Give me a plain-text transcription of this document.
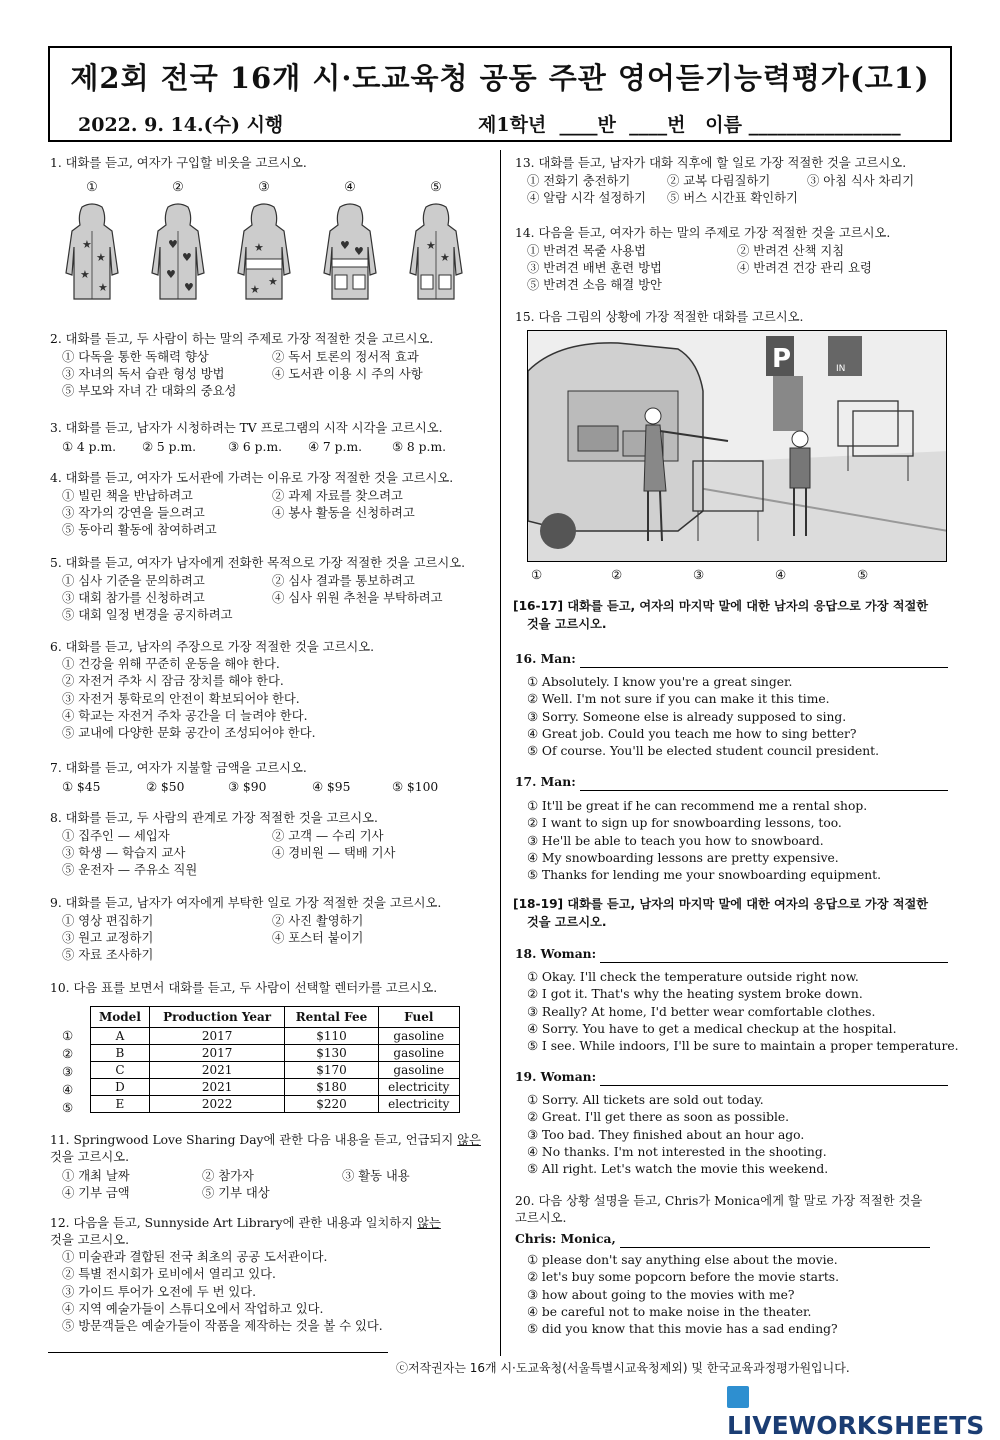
제2회 전국 16개 시·도교육청 공동 주관 영어듣기능력평가(고1)
2022. 9. 14.(수) 시행	제1학년  ____반  ____번   이름 ________________
1. 대화를 듣고, 여자가 구입할 비옷을 고르시오.
①	②	③	④	⑤
★
★
★
★
♥
♥
♥
♥
★
★
★
♥ ♥	★
★
2. 대화를 듣고, 두 사람이 하는 말의 주제로 가장 적절한 것을 고르시오.
① 다독을 통한 독해력 향상	② 독서 토론의 정서적 효과
③ 자녀의 독서 습관 형성 방법	④ 도서관 이용 시 주의 사항
⑤ 부모와 자녀 간 대화의 중요성
3. 대화를 듣고, 남자가 시청하려는 TV 프로그램의 시작 시각을 고르시오.
① 4 p.m. ② 5 p.m.	③ 6 p.m. ④ 7 p.m. ⑤ 8 p.m.
4. 대화를 듣고, 여자가 도서관에 가려는 이유로 가장 적절한 것을 고르시오.
① 빌린 책을 반납하려고	② 과제 자료를 찾으려고
③ 작가의 강연을 들으려고	④ 봉사 활동을 신청하려고
⑤ 동아리 활동에 참여하려고
5. 대화를 듣고, 여자가 남자에게 전화한 목적으로 가장 적절한 것을 고르시오.
① 심사 기준을 문의하려고	② 심사 결과를 통보하려고
③ 대회 참가를 신청하려고	④ 심사 위원 추천을 부탁하려고
⑤ 대회 일정 변경을 공지하려고
6. 대화를 듣고, 남자의 주장으로 가장 적절한 것을 고르시오.
① 건강을 위해 꾸준히 운동을 해야 한다.
② 자전거 주차 시 잠금 장치를 해야 한다.
③ 자전거 통학로의 안전이 확보되어야 한다.
④ 학교는 자전거 주차 공간을 더 늘려야 한다.
⑤ 교내에 다양한 문화 공간이 조성되어야 한다.
7. 대화를 듣고, 여자가 지불할 금액을 고르시오.
① $45	② $50	③ $90	④ $95	⑤ $100
8. 대화를 듣고, 두 사람의 관계로 가장 적절한 것을 고르시오.
① 집주인 — 세입자	② 고객 — 수리 기사
③ 학생 — 학습지 교사	④ 경비원 — 택배 기사
⑤ 운전자 — 주유소 직원
9. 대화를 듣고, 남자가 여자에게 부탁한 일로 가장 적절한 것을 고르시오.
① 영상 편집하기	② 사진 촬영하기
③ 원고 교정하기	④ 포스터 붙이기
⑤ 자료 조사하기
10. 다음 표를 보면서 대화를 듣고, 두 사람이 선택할 렌터카를 고르시오.
Model	Production Year	Rental Fee	Fuel
A	2017	$110	gasoline
B	2017	$130	gasoline
C	2021	$170	gasoline
D	2021	$180	electricity
E	2022	$220	electricity
①
②
③
④
⑤
11. Springwood Love Sharing Day에 관한 다음 내용을 듣고, 언급되지 않은
것을 고르시오.
① 개최 날짜	② 참가자	③ 활동 내용
④ 기부 금액	⑤ 기부 대상
12. 다음을 듣고, Sunnyside Art Library에 관한 내용과 일치하지 않는
것을 고르시오.
① 미술관과 결합된 전국 최초의 공공 도서관이다.
② 특별 전시회가 로비에서 열리고 있다.
③ 가이드 투어가 오전에 두 번 있다.
④ 지역 예술가들이 스튜디오에서 작업하고 있다.
⑤ 방문객들은 예술가들이 작품을 제작하는 것을 볼 수 있다.
13. 대화를 듣고, 남자가 대화 직후에 할 일로 가장 적절한 것을 고르시오.
① 전화기 충전하기	② 교복 다림질하기	③ 아침 식사 차리기
④ 알람 시각 설정하기 ⑤ 버스 시간표 확인하기
14. 다음을 듣고, 여자가 하는 말의 주제로 가장 적절한 것을 고르시오.
① 반려견 목줄 사용법	② 반려견 산책 지침
③ 반려견 배변 훈련 방법	④ 반려견 건강 관리 요령
⑤ 반려견 소음 해결 방안
15. 다음 그림의 상황에 가장 적절한 대화를 고르시오.
P	IN
①	②	③	④	⑤
[16-17] 대화를 듣고, 여자의 마지막 말에 대한 남자의 응답으로 가장 적절한
것을 고르시오.
16. Man:
① Absolutely. I know you're a great singer.
② Well. I'm not sure if you can make it this time.
③ Sorry. Someone else is already supposed to sing.
④ Great job. Could you teach me how to sing better?
⑤ Of course. You'll be elected student council president.
17. Man:
① It'll be great if he can recommend me a rental shop.
② I want to sign up for snowboarding lessons, too.
③ He'll be able to teach you how to snowboard.
④ My snowboarding lessons are pretty expensive.
⑤ Thanks for lending me your snowboarding equipment.
[18-19] 대화를 듣고, 남자의 마지막 말에 대한 여자의 응답으로 가장 적절한
것을 고르시오.
18. Woman:
① Okay. I'll check the temperature outside right now.
② I got it. That's why the heating system broke down.
③ Really? At home, I'd better wear comfortable clothes.
④ Sorry. You have to get a medical checkup at the hospital.
⑤ I see. While indoors, I'll be sure to maintain a proper temperature.
19. Woman:
① Sorry. All tickets are sold out today.
② Great. I'll get there as soon as possible.
③ Too bad. They finished about an hour ago.
④ No thanks. I'm not interested in the shooting.
⑤ All right. Let's watch the movie this weekend.
20. 다음 상황 설명을 듣고, Chris가 Monica에게 할 말로 가장 적절한 것을
고르시오.
Chris: Monica,
① please don't say anything else about the movie.
② let's buy some popcorn before the movie starts.
③ how about going to the movies with me?
④ be careful not to make noise in the theater.
⑤ did you know that this movie has a sad ending?
ⓒ저작권자는 16개 시·도교육청(서울특별시교육청제외) 및 한국교육과정평가원입니다.
LIVEWORKSHEETS
